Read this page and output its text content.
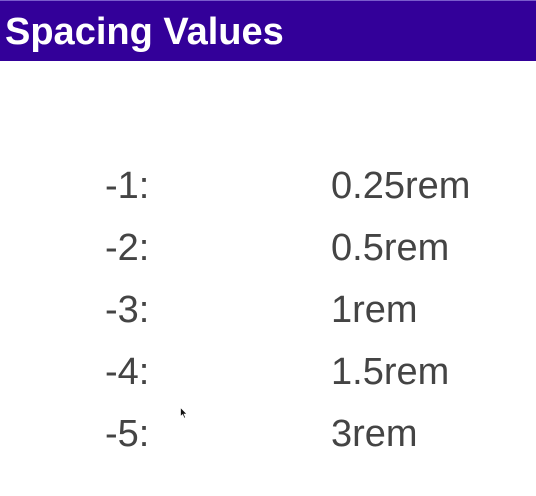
Spacing Values
-1:	0.25rem
-2:	0.5rem
-3:	1rem
-4:	1.5rem
-5:	3rem
